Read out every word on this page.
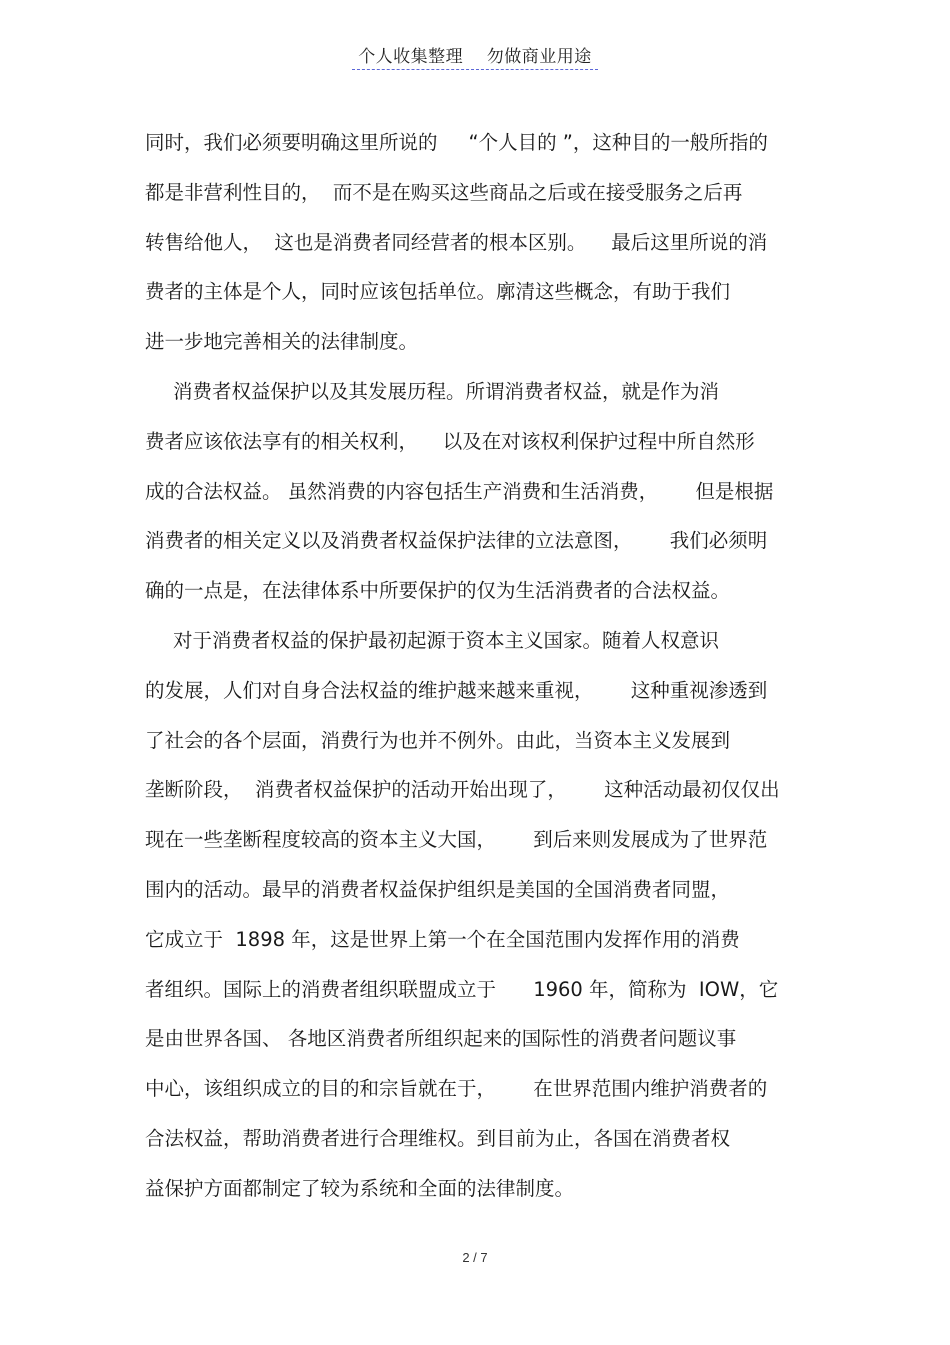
个人收集整理    勿做商业用途
同时，我们必须要明确这里所说的     “个人目的 ”，这种目的一般所指的
都是非营利性目的，  而不是在购买这些商品之后或在接受服务之后再
转售给他人，  这也是消费者同经营者的根本区别。    最后这里所说的消
费者的主体是个人，同时应该包括单位。廓清这些概念，有助于我们
进一步地完善相关的法律制度。
消费者权益保护以及其发展历程。所谓消费者权益，就是作为消
费者应该依法享有的相关权利，    以及在对该权利保护过程中所自然形
成的合法权益。 虽然消费的内容包括生产消费和生活消费，      但是根据
消费者的相关定义以及消费者权益保护法律的立法意图，      我们必须明
确的一点是，在法律体系中所要保护的仅为生活消费者的合法权益。
对于消费者权益的保护最初起源于资本主义国家。随着人权意识
的发展，人们对自身合法权益的维护越来越来重视，      这种重视渗透到
了社会的各个层面，消费行为也并不例外。由此，当资本主义发展到
垄断阶段，  消费者权益保护的活动开始出现了，      这种活动最初仅仅出
现在一些垄断程度较高的资本主义大国，      到后来则发展成为了世界范
围内的活动。最早的消费者权益保护组织是美国的全国消费者同盟，
它成立于  1898 年，这是世界上第一个在全国范围内发挥作用的消费
者组织。国际上的消费者组织联盟成立于      1960 年，简称为  IOW，它
是由世界各国、 各地区消费者所组织起来的国际性的消费者问题议事
中心，该组织成立的目的和宗旨就在于，      在世界范围内维护消费者的
合法权益，帮助消费者进行合理维权。到目前为止，各国在消费者权
益保护方面都制定了较为系统和全面的法律制度。
2 / 7
